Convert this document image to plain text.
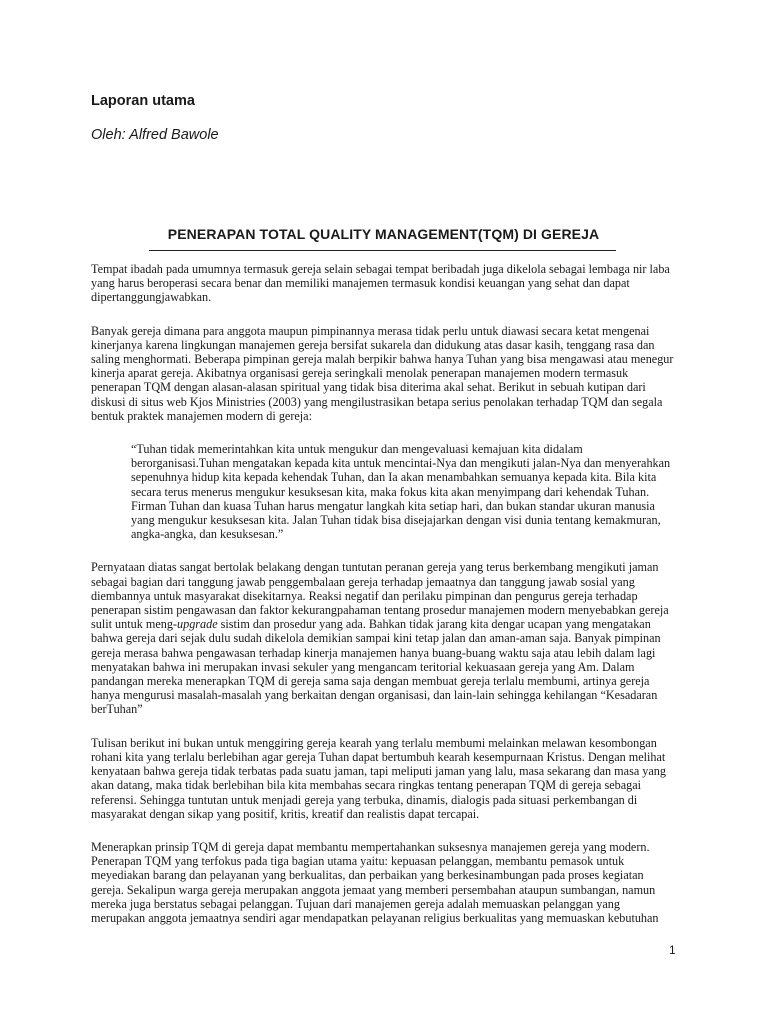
Laporan utama

Oleh: Alfred Bawole

PENERAPAN TOTAL QUALITY MANAGEMENT(TQM) DI GEREJA

Tempat ibadah pada umumnya termasuk gereja selain sebagai tempat beribadah juga dikelola sebagai lembaga nir laba yang harus beroperasi secara benar dan memiliki manajemen termasuk kondisi keuangan yang sehat dan dapat dipertanggungjawabkan.

Banyak gereja dimana para anggota maupun pimpinannya merasa tidak perlu untuk diawasi secara ketat mengenai kinerjanya karena lingkungan manajemen gereja bersifat sukarela dan didukung atas dasar kasih, tenggang rasa dan saling menghormati. Beberapa pimpinan gereja malah berpikir bahwa hanya Tuhan yang bisa mengawasi atau menegur kinerja aparat gereja. Akibatnya organisasi gereja seringkali menolak penerapan manajemen modern termasuk penerapan TQM dengan alasan-alasan spiritual yang tidak bisa diterima akal sehat. Berikut in sebuah kutipan dari diskusi di situs web Kjos Ministries (2003) yang mengilustrasikan betapa serius penolakan terhadap TQM dan segala bentuk praktek manajemen modern di gereja:

“Tuhan tidak memerintahkan kita untuk mengukur dan mengevaluasi kemajuan kita didalam berorganisasi.Tuhan mengatakan kepada kita untuk mencintai-Nya dan mengikuti jalan-Nya dan menyerahkan sepenuhnya hidup kita kepada kehendak Tuhan, dan Ia akan menambahkan semuanya kepada kita. Bila kita secara terus menerus mengukur kesuksesan kita, maka fokus kita akan menyimpang dari kehendak Tuhan. Firman Tuhan dan kuasa Tuhan harus mengatur langkah kita setiap hari, dan bukan standar ukuran manusia yang mengukur kesuksesan kita. Jalan Tuhan tidak bisa disejajarkan dengan visi dunia tentang kemakmuran, angka-angka, dan kesuksesan.”

Pernyataan diatas sangat bertolak belakang dengan tuntutan peranan gereja yang terus berkembang mengikuti jaman sebagai bagian dari tanggung jawab penggembalaan gereja terhadap jemaatnya dan tanggung jawab sosial yang diembannya untuk masyarakat disekitarnya. Reaksi negatif dan perilaku pimpinan dan pengurus gereja terhadap penerapan sistim pengawasan dan faktor kekurangpahaman tentang prosedur manajemen modern menyebabkan gereja sulit untuk meng-upgrade sistim dan prosedur yang ada. Bahkan tidak jarang kita dengar ucapan yang mengatakan bahwa gereja dari sejak dulu sudah dikelola demikian sampai kini tetap jalan dan aman-aman saja. Banyak pimpinan gereja merasa bahwa pengawasan terhadap kinerja manajemen hanya buang-buang waktu saja atau lebih dalam lagi menyatakan bahwa ini merupakan invasi sekuler yang mengancam teritorial kekuasaan gereja yang Am. Dalam pandangan mereka menerapkan TQM di gereja sama saja dengan membuat gereja terlalu membumi, artinya gereja hanya mengurusi masalah-masalah yang berkaitan dengan organisasi, dan lain-lain sehingga kehilangan “Kesadaran berTuhan”

Tulisan berikut ini bukan untuk menggiring gereja kearah yang terlalu membumi melainkan melawan kesombongan rohani kita yang terlalu berlebihan agar gereja Tuhan dapat bertumbuh kearah kesempurnaan Kristus. Dengan melihat kenyataan bahwa gereja tidak terbatas pada suatu jaman, tapi meliputi jaman yang lalu, masa sekarang dan masa yang akan datang, maka tidak berlebihan bila kita membahas secara ringkas tentang penerapan TQM di gereja sebagai referensi. Sehingga tuntutan untuk menjadi gereja yang terbuka, dinamis, dialogis pada situasi perkembangan di masyarakat dengan sikap yang positif, kritis, kreatif dan realistis dapat tercapai.

Menerapkan prinsip TQM di gereja dapat membantu mempertahankan suksesnya manajemen gereja yang modern. Penerapan TQM yang terfokus pada tiga bagian utama yaitu: kepuasan pelanggan, membantu pemasok untuk meyediakan barang dan pelayanan yang berkualitas, dan perbaikan yang berkesinambungan pada proses kegiatan gereja. Sekalipun warga gereja merupakan anggota jemaat yang memberi persembahan ataupun sumbangan, namun mereka juga berstatus sebagai pelanggan. Tujuan dari manajemen gereja adalah memuaskan pelanggan yang merupakan anggota jemaatnya sendiri agar mendapatkan pelayanan religius berkualitas yang memuaskan kebutuhan

1
